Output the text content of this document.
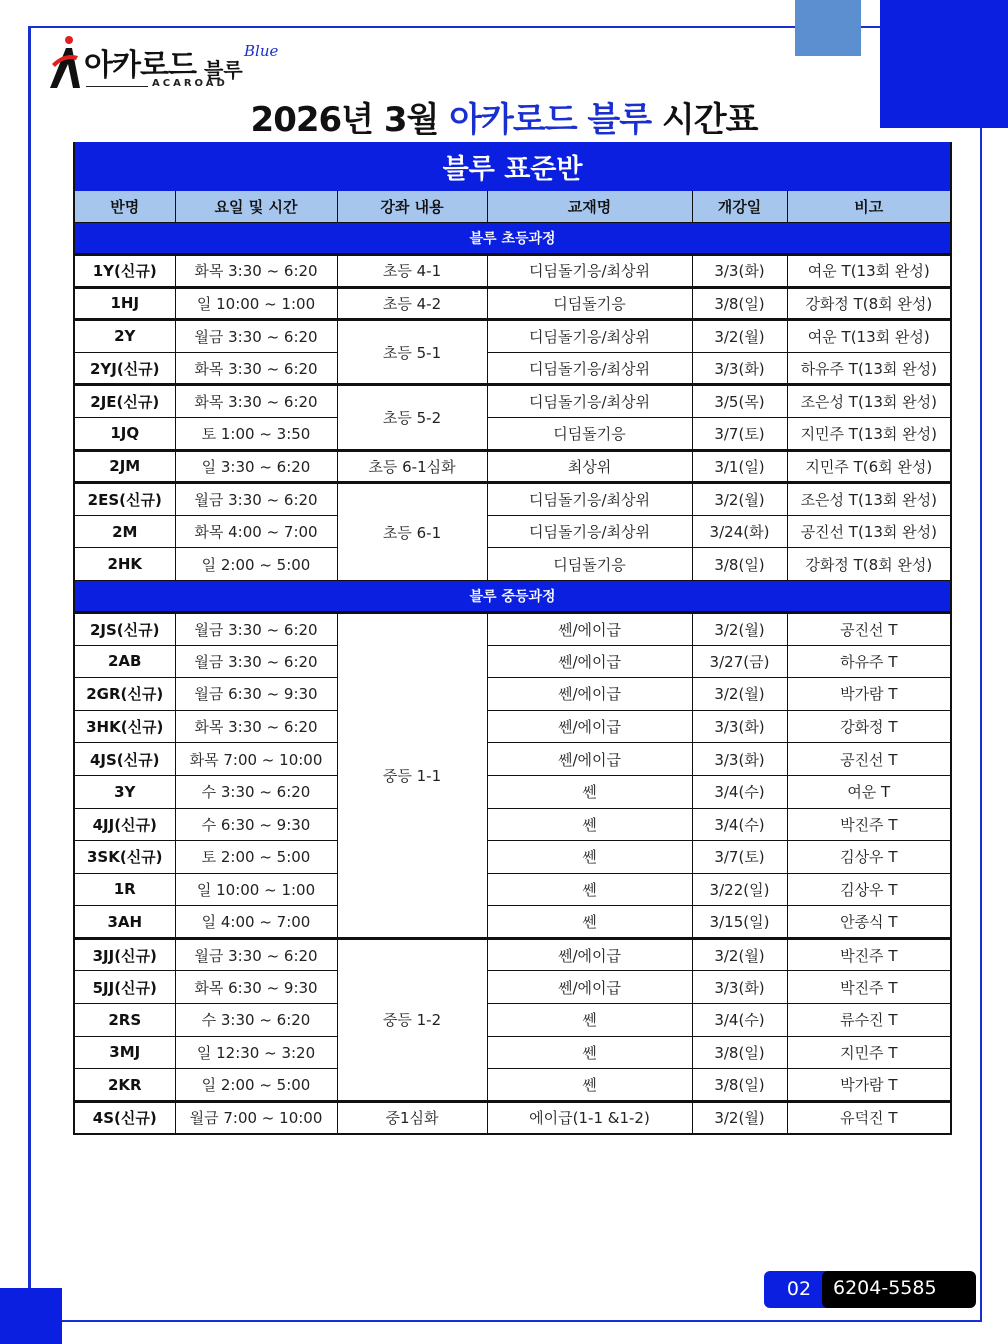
아카로드 블루
Blue
ACAROAD
2026년 3월 아카로드 블루 시간표
블루 표준반					
반명	요일 및 시간	강좌 내용	교재명	개강일	비고
블루 초등과정					
1Y(신규)	화목 3:30 ~ 6:20	초등 4-1	디딤돌기응/최상위	3/3(화)	여운 T(13회 완성)
1HJ	일 10:00 ~ 1:00	초등 4-2	디딤돌기응	3/8(일)	강화정 T(8회 완성)
2Y	월금 3:30 ~ 6:20	초등 5-1	디딤돌기응/최상위	3/2(월)	여운 T(13회 완성)
2YJ(신규)	화목 3:30 ~ 6:20		디딤돌기응/최상위	3/3(화)	하유주 T(13회 완성)
2JE(신규)	화목 3:30 ~ 6:20	초등 5-2	디딤돌기응/최상위	3/5(목)	조은성 T(13회 완성)
1JQ	토 1:00 ~ 3:50		디딤돌기응	3/7(토)	지민주 T(13회 완성)
2JM	일 3:30 ~ 6:20	초등 6-1심화	최상위	3/1(일)	지민주 T(6회 완성)
2ES(신규)	월금 3:30 ~ 6:20	초등 6-1	디딤돌기응/최상위	3/2(월)	조은성 T(13회 완성)
2M	화목 4:00 ~ 7:00		디딤돌기응/최상위	3/24(화)	공진선 T(13회 완성)
2HK	일 2:00 ~ 5:00		디딤돌기응	3/8(일)	강화정 T(8회 완성)
블루 중등과정					
2JS(신규)	월금 3:30 ~ 6:20	중등 1-1	쎈/에이급	3/2(월)	공진선 T
2AB	월금 3:30 ~ 6:20		쎈/에이급	3/27(금)	하유주 T
2GR(신규)	월금 6:30 ~ 9:30		쎈/에이급	3/2(월)	박가람 T
3HK(신규)	화목 3:30 ~ 6:20		쎈/에이급	3/3(화)	강화정 T
4JS(신규)	화목 7:00 ~ 10:00		쎈/에이급	3/3(화)	공진선 T
3Y	수 3:30 ~ 6:20		쎈	3/4(수)	여운 T
4JJ(신규)	수 6:30 ~ 9:30		쎈	3/4(수)	박진주 T
3SK(신규)	토 2:00 ~ 5:00		쎈	3/7(토)	김상우 T
1R	일 10:00 ~ 1:00		쎈	3/22(일)	김상우 T
3AH	일 4:00 ~ 7:00		쎈	3/15(일)	안종식 T
3JJ(신규)	월금 3:30 ~ 6:20	중등 1-2	쎈/에이급	3/2(월)	박진주 T
5JJ(신규)	화목 6:30 ~ 9:30		쎈/에이급	3/3(화)	박진주 T
2RS	수 3:30 ~ 6:20		쎈	3/4(수)	류수진 T
3MJ	일 12:30 ~ 3:20		쎈	3/8(일)	지민주 T
2KR	일 2:00 ~ 5:00		쎈	3/8(일)	박가람 T
4S(신규)	월금 7:00 ~ 10:00	중1심화	에이급(1-1 &1-2)	3/2(월)	유덕진 T
02	6204-5585
